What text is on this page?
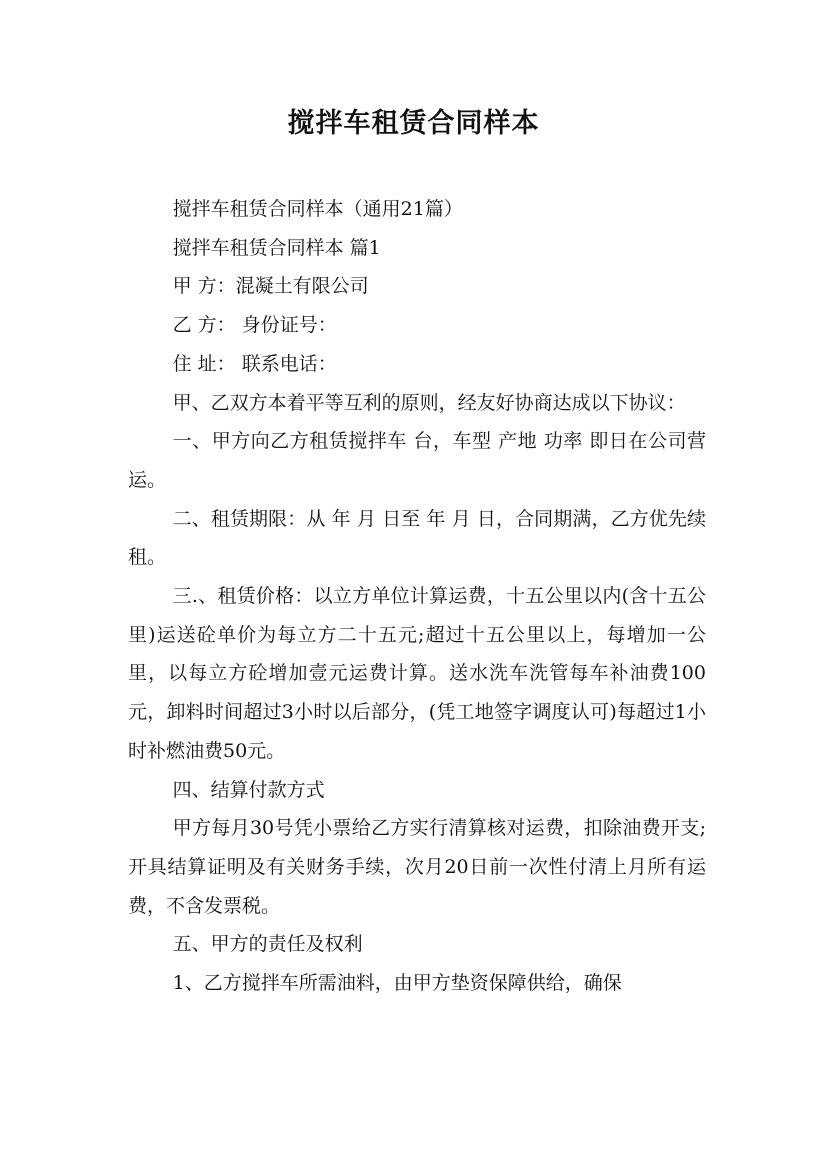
搅拌车租赁合同样本

搅拌车租赁合同样本（通用21篇）

搅拌车租赁合同样本 篇1

甲 方：混凝土有限公司

乙 方： 身份证号：

住 址： 联系电话：

甲、乙双方本着平等互利的原则，经友好协商达成以下协议：

一、甲方向乙方租赁搅拌车 台，车型 产地 功率 即日在公司营运。

二、租赁期限：从 年 月 日至 年 月 日，合同期满，乙方优先续租。

三.、租赁价格：以立方单位计算运费，十五公里以内(含十五公里)运送砼单价为每立方二十五元;超过十五公里以上，每增加一公里，以每立方砼增加壹元运费计算。送水洗车洗管每车补油费100元，卸料时间超过3小时以后部分，(凭工地签字调度认可)每超过1小时补燃油费50元。

四、结算付款方式

甲方每月30号凭小票给乙方实行清算核对运费，扣除油费开支;开具结算证明及有关财务手续，次月20日前一次性付清上月所有运费，不含发票税。

五、甲方的责任及权利

1、乙方搅拌车所需油料，由甲方垫资保障供给，确保
